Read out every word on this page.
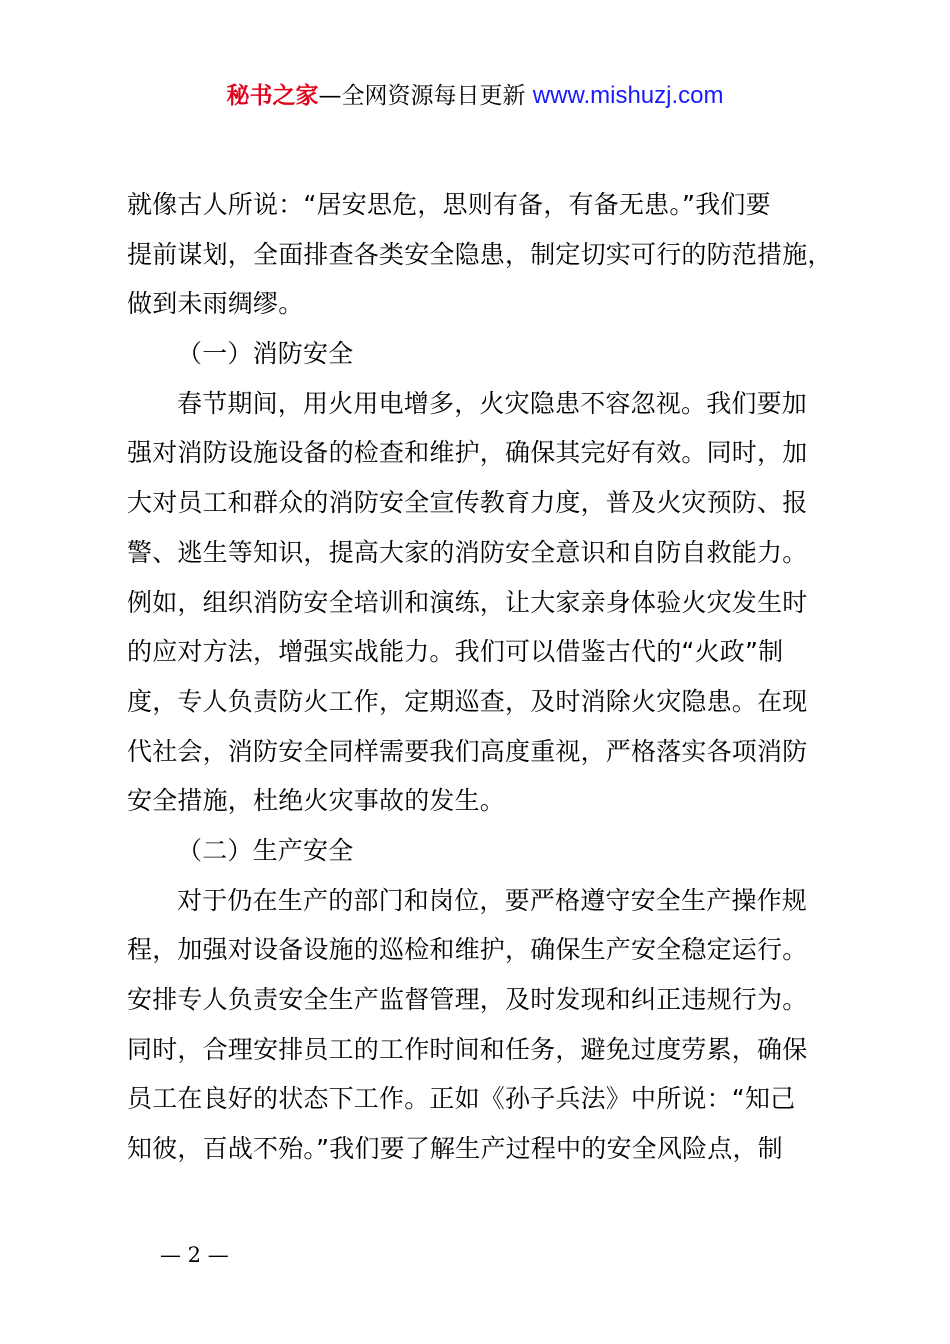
秘书之家—全网资源每日更新 www.mishuzj.com
就像古人所说：“居安思危，思则有备，有备无患。”我们要
提前谋划，全面排查各类安全隐患，制定切实可行的防范措施，
做到未雨绸缪。
（一）消防安全
春节期间，用火用电增多，火灾隐患不容忽视。我们要加
强对消防设施设备的检查和维护，确保其完好有效。同时，加
大对员工和群众的消防安全宣传教育力度，普及火灾预防、报
警、逃生等知识，提高大家的消防安全意识和自防自救能力。
例如，组织消防安全培训和演练，让大家亲身体验火灾发生时
的应对方法，增强实战能力。我们可以借鉴古代的“火政”制
度，专人负责防火工作，定期巡查，及时消除火灾隐患。在现
代社会，消防安全同样需要我们高度重视，严格落实各项消防
安全措施，杜绝火灾事故的发生。
（二）生产安全
对于仍在生产的部门和岗位，要严格遵守安全生产操作规
程，加强对设备设施的巡检和维护，确保生产安全稳定运行。
安排专人负责安全生产监督管理，及时发现和纠正违规行为。
同时，合理安排员工的工作时间和任务，避免过度劳累，确保
员工在良好的状态下工作。正如《孙子兵法》中所说：“知己
知彼，百战不殆。”我们要了解生产过程中的安全风险点，制
— 2 —
